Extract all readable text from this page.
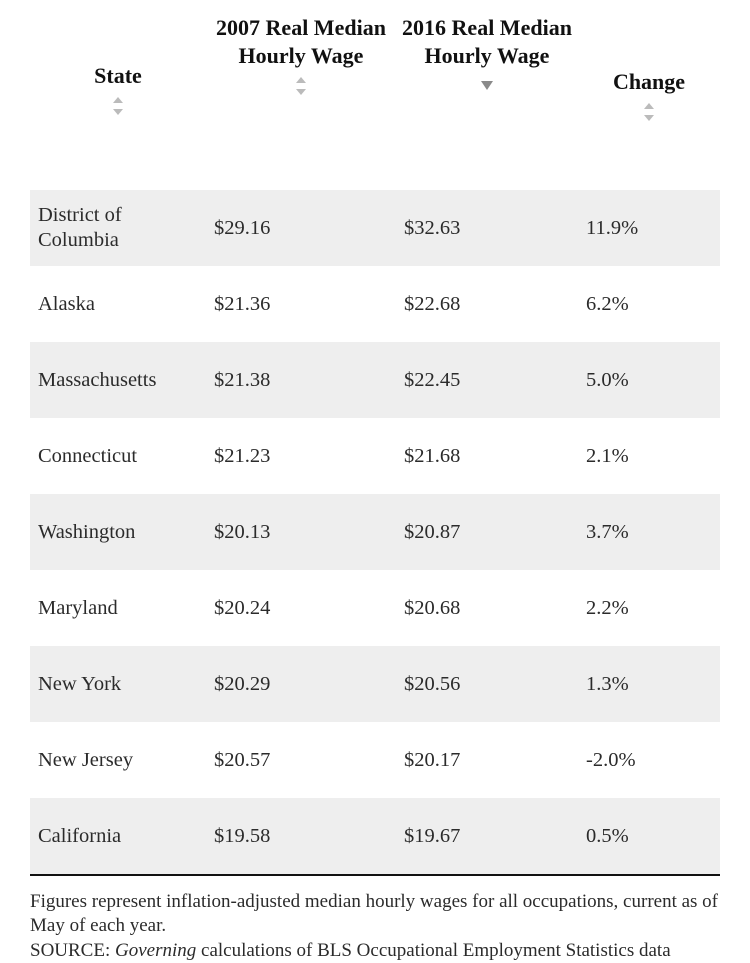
State	2007 Real Median Hourly Wage	2016 Real Median Hourly Wage	Change

District of Columbia	$29.16	$32.63	11.9%
Alaska	$21.36	$22.68	6.2%
Massachusetts	$21.38	$22.45	5.0%
Connecticut	$21.23	$21.68	2.1%
Washington	$20.13	$20.87	3.7%
Maryland	$20.24	$20.68	2.2%
New York	$20.29	$20.56	1.3%
New Jersey	$20.57	$20.17	-2.0%
California	$19.58	$19.67	0.5%

Figures represent inflation-adjusted median hourly wages for all occupations, current as of May of each year.

SOURCE: Governing calculations of BLS Occupational Employment Statistics data
